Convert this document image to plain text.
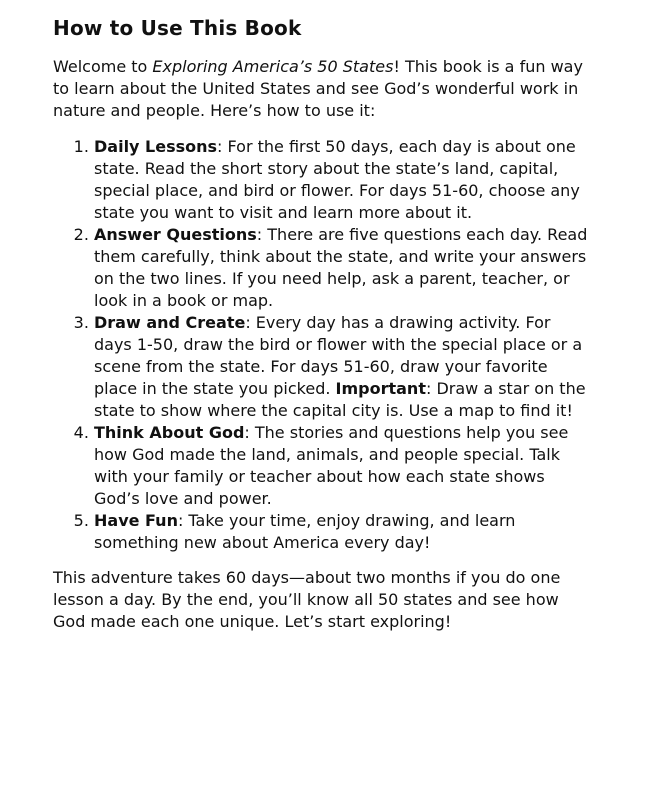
How to Use This Book

Welcome to Exploring America’s 50 States! This book is a fun way to learn about the United States and see God’s wonderful work in nature and people. Here’s how to use it:

1. Daily Lessons: For the first 50 days, each day is about one state. Read the short story about the state’s land, capital, special place, and bird or flower. For days 51-60, choose any state you want to visit and learn more about it.
2. Answer Questions: There are five questions each day. Read them carefully, think about the state, and write your answers on the two lines. If you need help, ask a parent, teacher, or look in a book or map.
3. Draw and Create: Every day has a drawing activity. For days 1-50, draw the bird or flower with the special place or a scene from the state. For days 51-60, draw your favorite place in the state you picked. Important: Draw a star on the state to show where the capital city is. Use a map to find it!
4. Think About God: The stories and questions help you see how God made the land, animals, and people special. Talk with your family or teacher about how each state shows God’s love and power.
5. Have Fun: Take your time, enjoy drawing, and learn something new about America every day!

This adventure takes 60 days—about two months if you do one lesson a day. By the end, you’ll know all 50 states and see how God made each one unique. Let’s start exploring!
